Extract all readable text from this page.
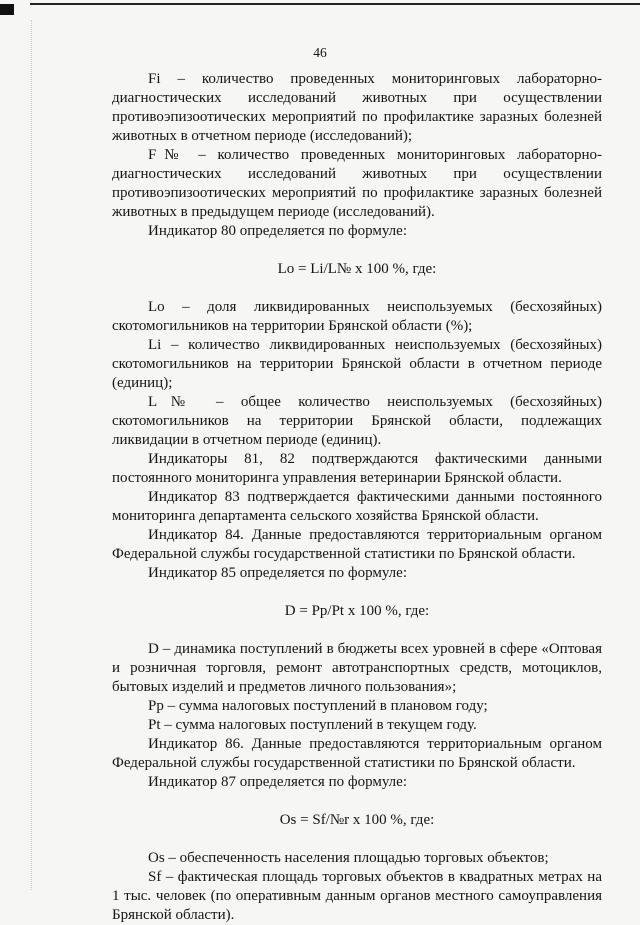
46

Fi – количество проведенных мониторинговых лабораторно-диагностических исследований животных при осуществлении противоэпизоотических мероприятий по профилактике заразных болезней животных в отчетном периоде (исследований);

F№ – количество проведенных мониторинговых лабораторно-диагностических исследований животных при осуществлении противоэпизоотических мероприятий по профилактике заразных болезней животных в предыдущем периоде (исследований).

Индикатор 80 определяется по формуле:

Lo = Li/L№ x 100 %, где:

Lo – доля ликвидированных неиспользуемых (бесхозяйных) скотомогильников на территории Брянской области (%);

Li – количество ликвидированных неиспользуемых (бесхозяйных) скотомогильников на территории Брянской области в отчетном периоде (единиц);

L№ – общее количество неиспользуемых (бесхозяйных) скотомогильников на территории Брянской области, подлежащих ликвидации в отчетном периоде (единиц).

Индикаторы 81, 82 подтверждаются фактическими данными постоянного мониторинга управления ветеринарии Брянской области.

Индикатор 83 подтверждается фактическими данными постоянного мониторинга департамента сельского хозяйства Брянской области.

Индикатор 84. Данные предоставляются территориальным органом Федеральной службы государственной статистики по Брянской области.

Индикатор 85 определяется по формуле:

D = Pp/Pt x 100 %, где:

D – динамика поступлений в бюджеты всех уровней в сфере «Оптовая и розничная торговля, ремонт автотранспортных средств, мотоциклов, бытовых изделий и предметов личного пользования»;

Pp – сумма налоговых поступлений в плановом году;

Pt – сумма налоговых поступлений в текущем году.

Индикатор 86. Данные предоставляются территориальным органом Федеральной службы государственной статистики по Брянской области.

Индикатор 87 определяется по формуле:

Os = Sf/№r x 100 %, где:

Os – обеспеченность населения площадью торговых объектов;

Sf – фактическая площадь торговых объектов в квадратных метрах на 1 тыс. человек (по оперативным данным органов местного самоуправления Брянской области).
